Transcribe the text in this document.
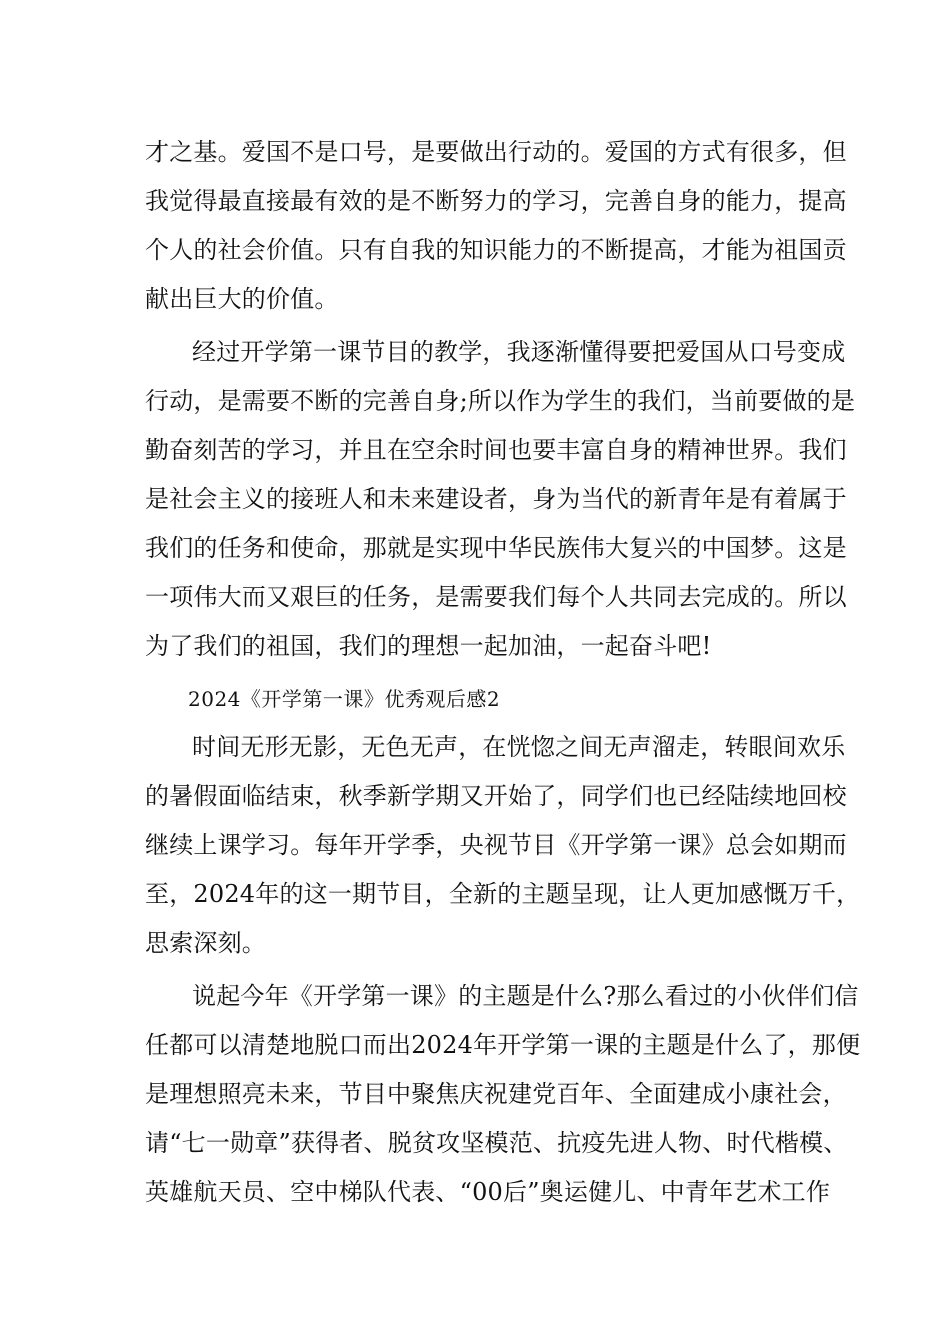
才之基。爱国不是口号，是要做出行动的。爱国的方式有很多，但
我觉得最直接最有效的是不断努力的学习，完善自身的能力，提高
个人的社会价值。只有自我的知识能力的不断提高，才能为祖国贡
献出巨大的价值。
经过开学第一课节目的教学，我逐渐懂得要把爱国从口号变成
行动，是需要不断的完善自身;所以作为学生的我们，当前要做的是
勤奋刻苦的学习，并且在空余时间也要丰富自身的精神世界。我们
是社会主义的接班人和未来建设者，身为当代的新青年是有着属于
我们的任务和使命，那就是实现中华民族伟大复兴的中国梦。这是
一项伟大而又艰巨的任务，是需要我们每个人共同去完成的。所以
为了我们的祖国，我们的理想一起加油，一起奋斗吧!
2024《开学第一课》优秀观后感2
时间无形无影，无色无声，在恍惚之间无声溜走，转眼间欢乐
的暑假面临结束，秋季新学期又开始了，同学们也已经陆续地回校
继续上课学习。每年开学季，央视节目《开学第一课》总会如期而
至，2024年的这一期节目，全新的主题呈现，让人更加感慨万千，
思索深刻。
说起今年《开学第一课》的主题是什么?那么看过的小伙伴们信
任都可以清楚地脱口而出2024年开学第一课的主题是什么了，那便
是理想照亮未来，节目中聚焦庆祝建党百年、全面建成小康社会，
请“七一勋章”获得者、脱贫攻坚模范、抗疫先进人物、时代楷模、
英雄航天员、空中梯队代表、“00后”奥运健儿、中青年艺术工作
